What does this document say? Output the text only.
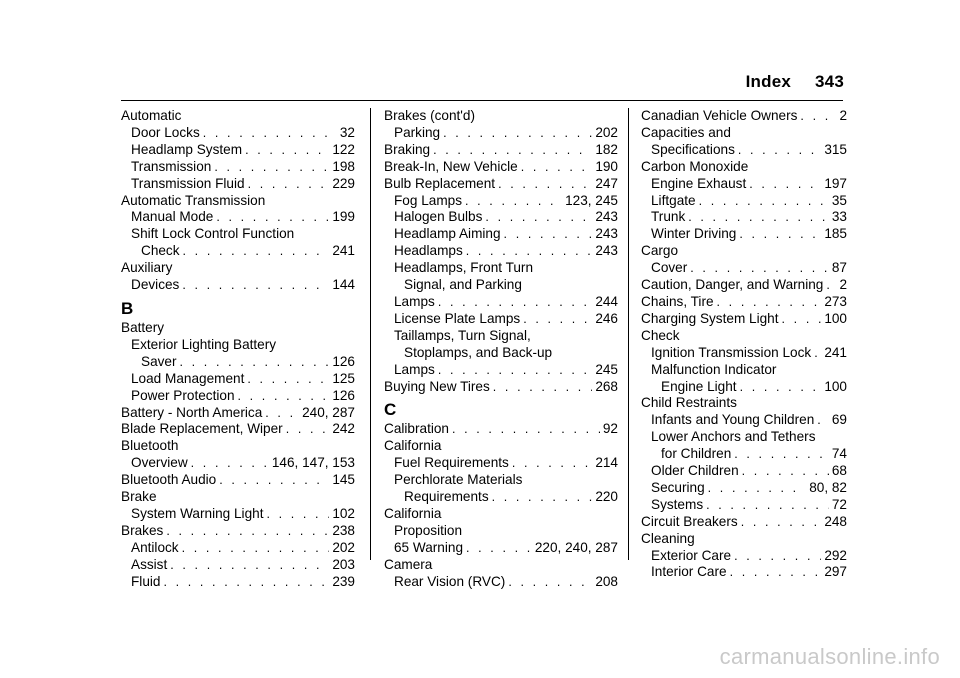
Index 343
Automatic
Door Locks . . .	32
Headlamp System . . .	122
Transmission . . .	198
Transmission Fluid . . .	229
Automatic Transmission
Manual Mode . . .	199
Shift Lock Control Function
Check . . .	241
Auxiliary
Devices . . .	144
B
Battery
Exterior Lighting Battery
Saver . . .	126
Load Management . . .	125
Power Protection . . .	126
Battery - North America . . .	240, 287
Blade Replacement, Wiper . . .	242
Bluetooth
Overview . . .	146, 147, 153
Bluetooth Audio . . .	145
Brake
System Warning Light . . .	102
Brakes . . .	238
Antilock . . .	202
Assist . . .	203
Fluid . . .	239
Brakes (cont'd)
Parking . . .	202
Braking . . .	182
Break-In, New Vehicle . . .	190
Bulb Replacement . . .	247
Fog Lamps . . .	123, 245
Halogen Bulbs . . .	243
Headlamp Aiming . . .	243
Headlamps . . .	243
Headlamps, Front Turn
Signal, and Parking
Lamps . . .	244
License Plate Lamps . . .	246
Taillamps, Turn Signal,
Stoplamps, and Back-up
Lamps . . .	245
Buying New Tires . . .	268
C
Calibration . . .	92
California
Fuel Requirements . . .	214
Perchlorate Materials
Requirements . . .	220
California
Proposition
65 Warning . . .	220, 240, 287
Camera
Rear Vision (RVC) . . .	208
Canadian Vehicle Owners . . .	2
Capacities and
Specifications . . .	315
Carbon Monoxide
Engine Exhaust . . .	197
Liftgate . . .	35
Trunk . . .	33
Winter Driving . . .	185
Cargo
Cover . . .	87
Caution, Danger, and Warning . . . 2
Chains, Tire . . .	273
Charging System Light . . .	100
Check
Ignition Transmission Lock . . . 241
Malfunction Indicator
Engine Light . . .	100
Child Restraints
Infants and Young Children . . . 69
Lower Anchors and Tethers
for Children . . .	74
Older Children . . .	68
Securing . . .	80, 82
Systems . . .	72
Circuit Breakers . . .	248
Cleaning
Exterior Care . . .	292
Interior Care . . .	297
carmanualsonline.info
